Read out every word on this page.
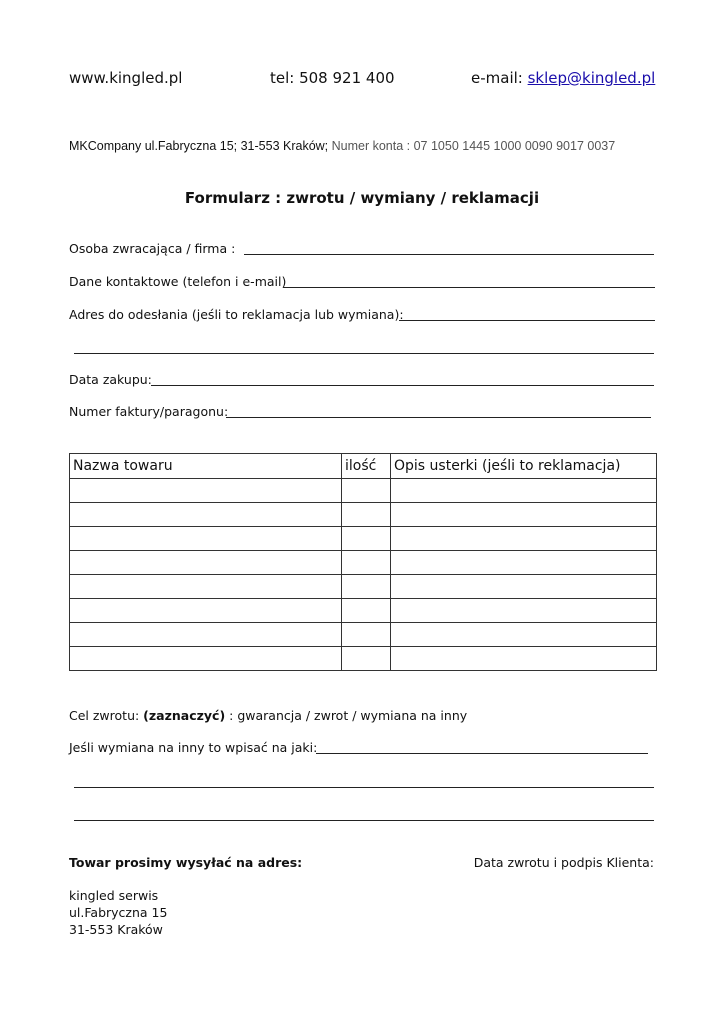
www.kingled.pl	tel: 508 921 400	e-mail: sklep@kingled.pl
MKCompany ul.Fabryczna 15; 31-553 Kraków; Numer konta : 07 1050 1445 1000 0090 9017 0037
Formularz : zwrotu / wymiany / reklamacji
Osoba zwracająca / firma :
Dane kontaktowe (telefon i e-mail)
Adres do odesłania (jeśli to reklamacja lub wymiana):
Data zakupu:
Numer faktury/paragonu:
Nazwa towaru	ilość	Opis usterki (jeśli to reklamacja)

Cel zwrotu: (zaznaczyć) : gwarancja / zwrot / wymiana na inny
Jeśli wymiana na inny to wpisać na jaki:
Towar prosimy wysyłać na adres:	Data zwrotu i podpis Klienta:
kingled serwis
ul.Fabryczna 15
31-553 Kraków
